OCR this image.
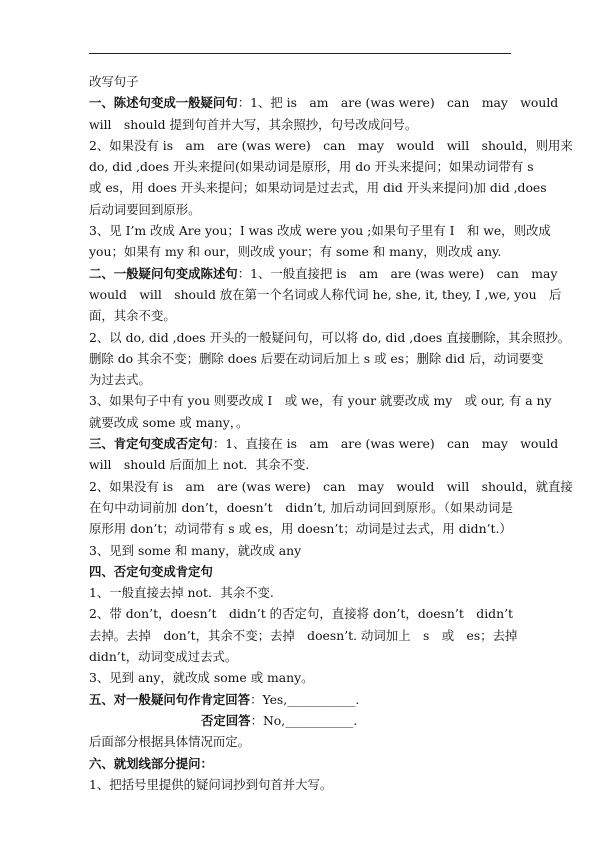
改写句子
一、陈述句变成一般疑问句：1、把 is　am　are (was were)　can　may　would
will　should 提到句首并大写，其余照抄，句号改成问号。
2、如果没有 is　am　are (was were)　can　may　would　will　should，则用来
do, did ,does 开头来提问(如果动词是原形，用 do 开头来提问；如果动词带有 s
或 es，用 does 开头来提问；如果动词是过去式，用 did 开头来提问)加 did ,does
后动词要回到原形。
3、见 I’m 改成 Are you；I was 改成 were you ;如果句子里有 I　和 we，则改成
you；如果有 my 和 our，则改成 your；有 some 和 many，则改成 any.
二、一般疑问句变成陈述句：1、一般直接把 is　am　are (was were)　can　may
would　will　should 放在第一个名词或人称代词 he, she, it, they, I ,we, you　后
面，其余不变。
2、以 do, did ,does 开头的一般疑问句，可以将 do, did ,does 直接删除，其余照抄。
删除 do 其余不变；删除 does 后要在动词后加上 s 或 es；删除 did 后，动词要变
为过去式。
3、如果句子中有 you 则要改成 I　或 we，有 your 就要改成 my　或 our, 有 a ny
就要改成 some 或 many，。
三、肯定句变成否定句：1、直接在 is　am　are (was were)　can　may　would
will　should 后面加上 not．其余不变.
2、如果没有 is　am　are (was were)　can　may　would　will　should，就直接
在句中动词前加 don’t，doesn’t　didn’t, 加后动词回到原形。（如果动词是
原形用 don’t；动词带有 s 或 es，用 doesn’t；动词是过去式，用 didn’t.）
3、见到 some 和 many，就改成 any
四、否定句变成肯定句
1、一般直接去掉 not．其余不变.
2、带 don’t，doesn’t　didn’t 的否定句，直接将 don’t，doesn’t　didn’t
去掉。去掉　don’t，其余不变；去掉　doesn’t. 动词加上　s　或　es；去掉
didn’t，动词变成过去式。
3、见到 any，就改成 some 或 many。
五、对一般疑问句作肯定回答：Yes,___________.
否定回答：No,___________.
后面部分根据具体情况而定。
六、就划线部分提问：
1、把括号里提供的疑问词抄到句首并大写。
